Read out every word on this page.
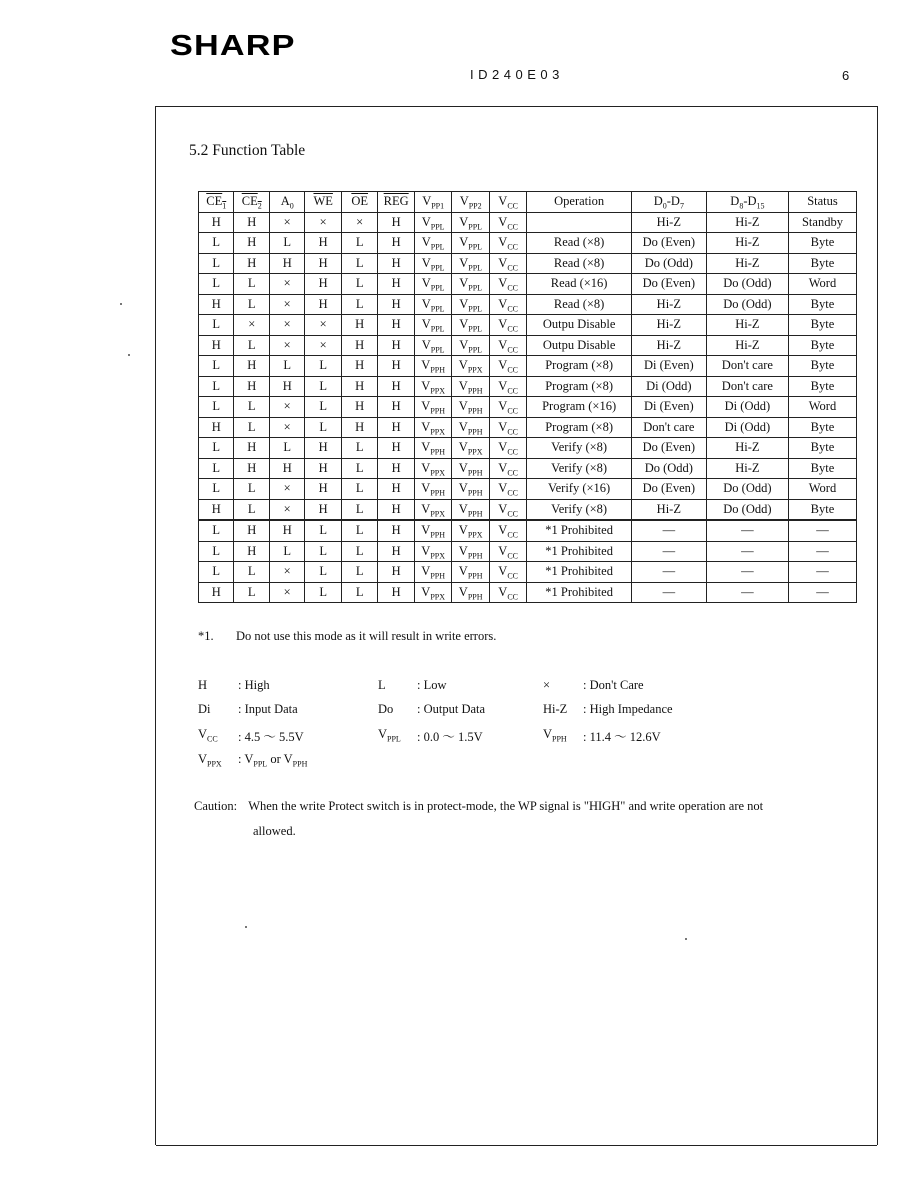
SHARP
ID240E03	6
5.2 Function Table
$CE_1$	$CE_2$	$A_0$	$\overline{WE}$	$\overline{OE}$	$\overline{REG}$	$V_{PP1}$	$V_{PP2}$	$V_{CC}$	Operation	$D_0-D_7$	$D_8-D_{15}$	Status
H	H	×	×	×	H	$V_{PPL}$	$V_{PPL}$	$V_{CC}$		Hi-Z	Hi-Z	Standby
L	H	L	H	L	H	$V_{PPL}$	$V_{PPL}$	$V_{CC}$	Read (×8)	Do (Even)	Hi-Z	Byte
L	H	H	H	L	H	$V_{PPL}$	$V_{PPL}$	$V_{CC}$	Read (×8)	Do (Odd)	Hi-Z	Byte
L	L	×	H	L	H	$V_{PPL}$	$V_{PPL}$	$V_{CC}$	Read (×16)	Do (Even)	Do (Odd)	Word
H	L	×	H	L	H	$V_{PPL}$	$V_{PPL}$	$V_{CC}$	Read (×8)	Hi-Z	Do (Odd)	Byte
L	×	×	×	H	H	$V_{PPL}$	$V_{PPL}$	$V_{CC}$	Outpu Disable	Hi-Z	Hi-Z	Byte
H	L	×	×	H	H	$V_{PPL}$	$V_{PPL}$	$V_{CC}$	Outpu Disable	Hi-Z	Hi-Z	Byte
L	H	L	L	H	H	$V_{PPH}$	$V_{PPX}$	$V_{CC}$	Program (×8)	Di (Even)	Don't care	Byte
L	H	H	L	H	H	$V_{PPX}$	$V_{PPH}$	$V_{CC}$	Program (×8)	Di (Odd)	Don't care	Byte
L	L	×	L	H	H	$V_{PPH}$	$V_{PPH}$	$V_{CC}$	Program (×16)	Di (Even)	Di (Odd)	Word
H	L	×	L	H	H	$V_{PPX}$	$V_{PPH}$	$V_{CC}$	Program (×8)	Don't care	Di (Odd)	Byte
L	H	L	H	L	H	$V_{PPH}$	$V_{PPX}$	$V_{CC}$	Verify (×8)	Do (Even)	Hi-Z	Byte
L	H	H	H	L	H	$V_{PPX}$	$V_{PPH}$	$V_{CC}$	Verify (×8)	Do (Odd)	Hi-Z	Byte
L	L	×	H	L	H	$V_{PPH}$	$V_{PPH}$	$V_{CC}$	Verify (×16)	Do (Even)	Do (Odd)	Word
H	L	×	H	L	H	$V_{PPX}$	$V_{PPH}$	$V_{CC}$	Verify (×8)	Hi-Z	Do (Odd)	Byte
L	H	H	L	L	H	$V_{PPH}$	$V_{PPX}$	$V_{CC}$	*1 Prohibited	—	—	—
L	H	L	L	L	H	$V_{PPX}$	$V_{PPH}$	$V_{CC}$	*1 Prohibited	—	—	—
L	L	×	L	L	H	$V_{PPH}$	$V_{PPH}$	$V_{CC}$	*1 Prohibited	—	—	—
H	L	×	L	L	H	$V_{PPX}$	$V_{PPH}$	$V_{CC}$	*1 Prohibited	—	—	—
*1. Do not use this mode as it will result in write errors.
H : High	L	: Low	×	: Don't Care
Di : Input Data	Do : Output Data	Hi-Z : High Impedance
$V_{CC}$ : 4.5 ～ 5.5V	$V_{PPL}$ : 0.0 ～ 1.5V	$V_{PPH}$ : 11.4 ～ 12.6V
$V_{PPX}$ : $V_{PPL}$ or $V_{PPH}$
Caution: When the write Protect switch is in protect-mode, the WP signal is "HIGH" and write operation are not
allowed.
